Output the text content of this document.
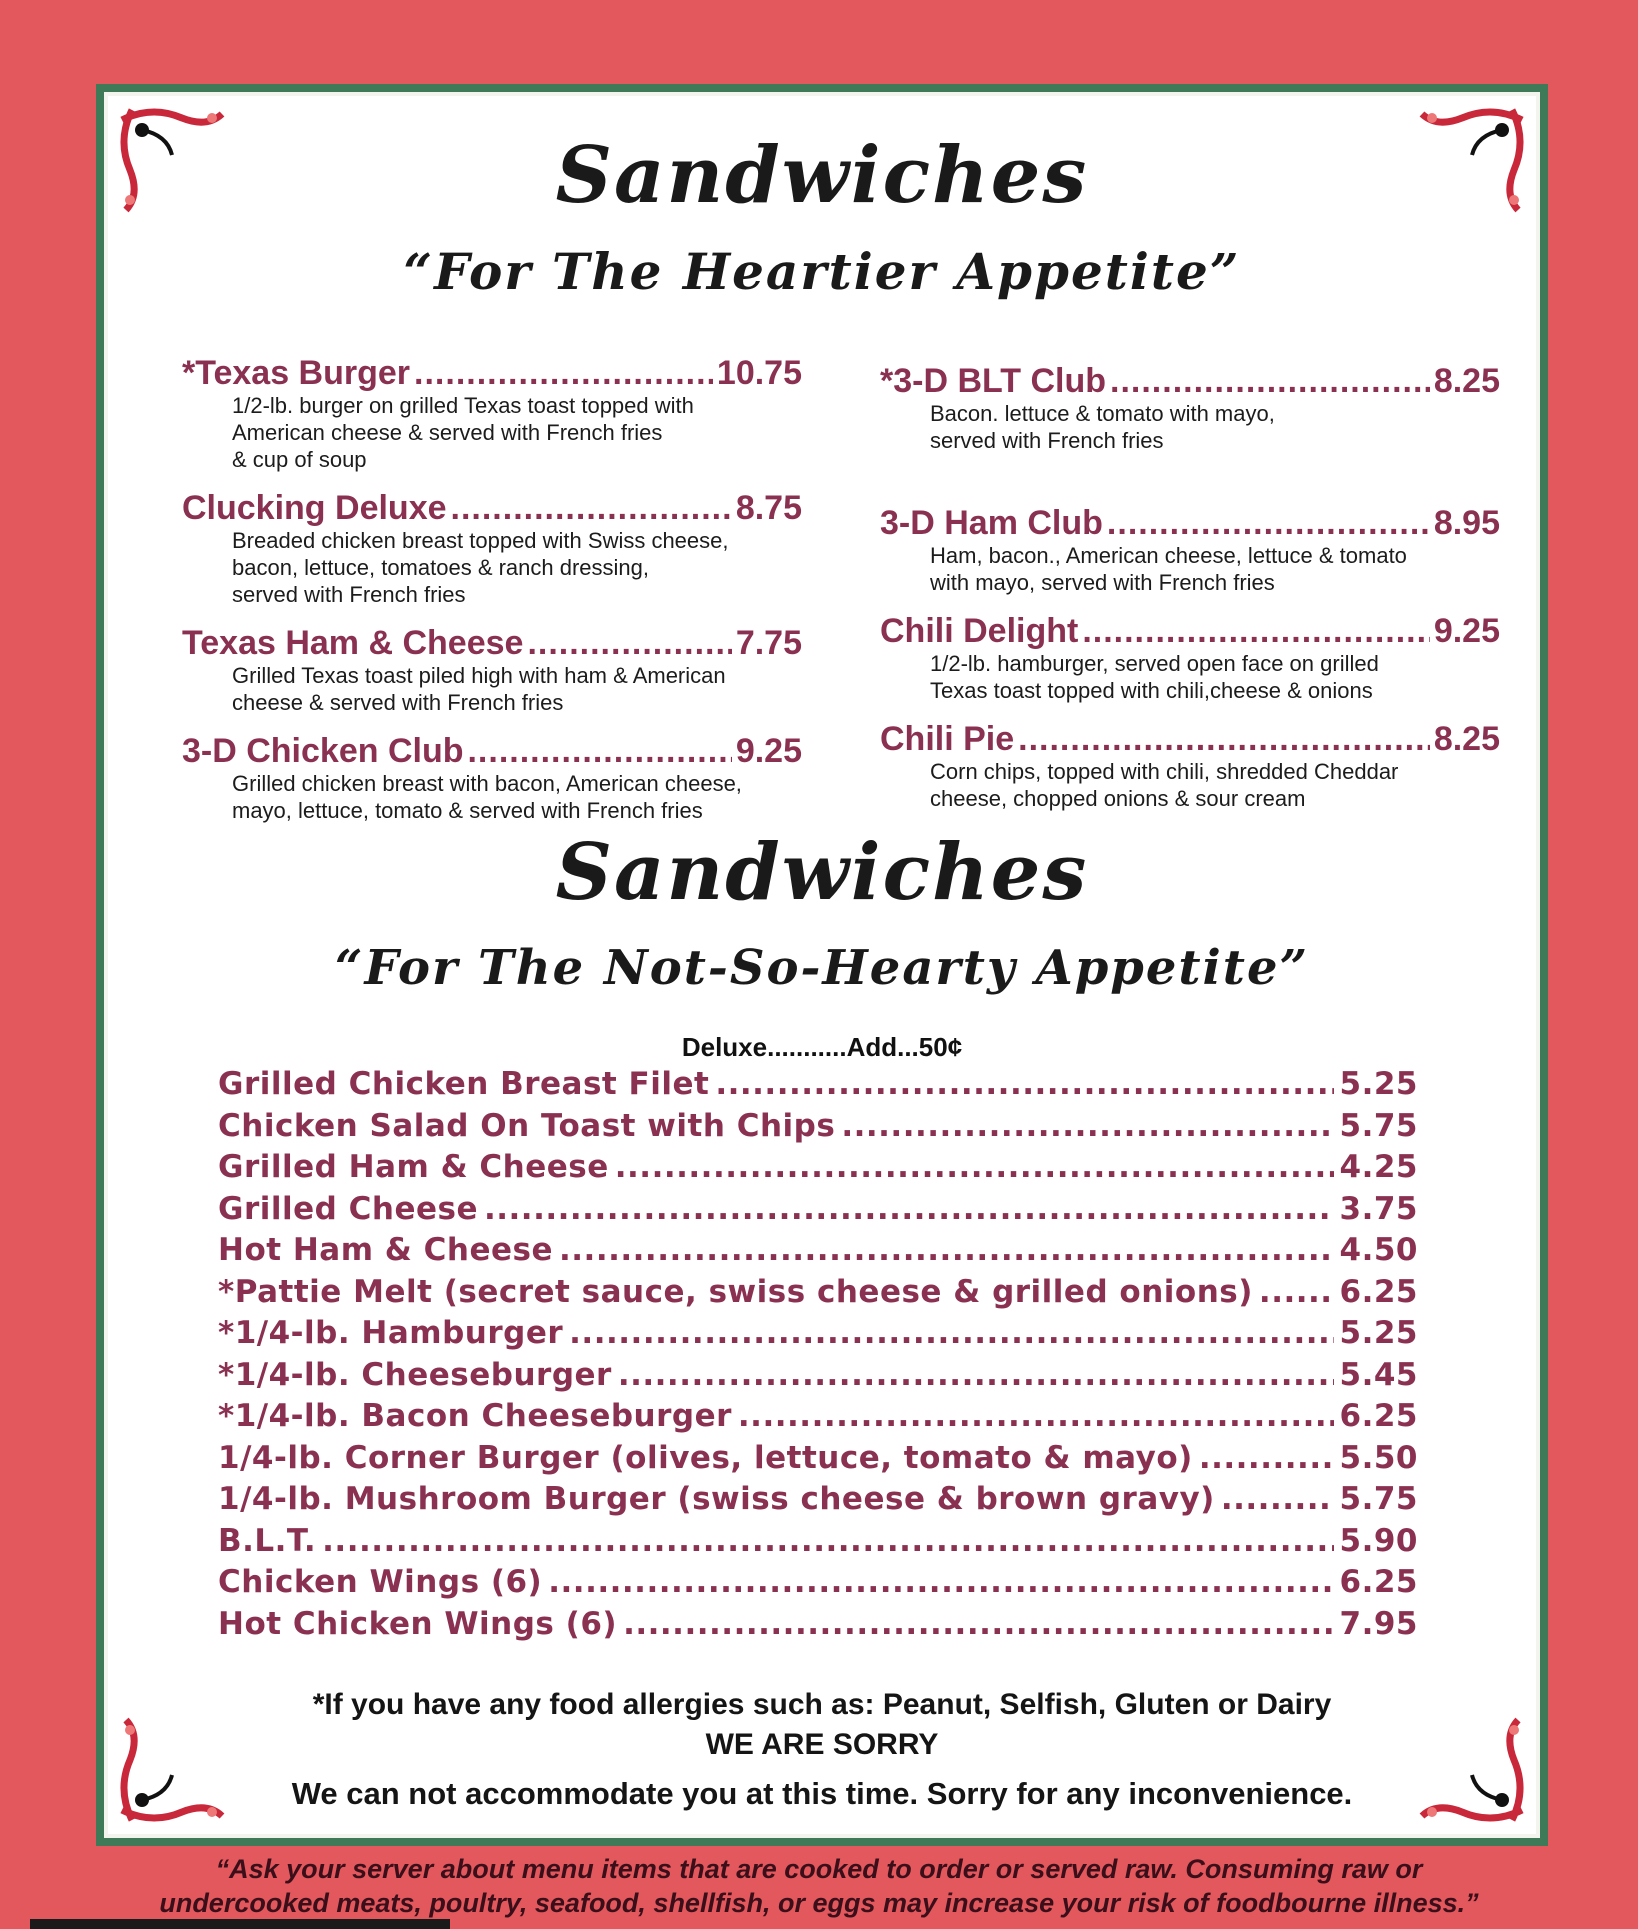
Sandwiches
“For The Heartier Appetite”
*Texas Burger .....	10.75
1/2-lb. burger on grilled Texas toast topped with
American cheese & served with French fries
& cup of soup
Clucking Deluxe .....	8.75
Breaded chicken breast topped with Swiss cheese,
bacon, lettuce, tomatoes & ranch dressing,
served with French fries
Texas Ham & Cheese .....	7.75
Grilled Texas toast piled high with ham & American
cheese & served with French fries
3-D Chicken Club .....	9.25
Grilled chicken breast with bacon, American cheese,
mayo, lettuce, tomato & served with French fries
*3-D BLT Club .....	8.25
Bacon. lettuce & tomato with mayo,
served with French fries
3-D Ham Club .....	8.95
Ham, bacon., American cheese, lettuce & tomato
with mayo, served with French fries
Chili Delight .....	9.25
1/2-lb. hamburger, served open face on grilled
Texas toast topped with chili,cheese & onions
Chili Pie .....	8.25
Corn chips, topped with chili, shredded Cheddar
cheese, chopped onions & sour cream
Sandwiches
“For The Not-So-Hearty Appetite”
Deluxe...........Add...50¢
Grilled Chicken Breast Filet .....	5.25
Chicken Salad On Toast with Chips .....	5.75
Grilled Ham & Cheese .....	4.25
Grilled Cheese .....	3.75
Hot Ham & Cheese .....	4.50
*Pattie Melt (secret sauce, swiss cheese & grilled onions) .....	6.25
*1/4-lb. Hamburger .....	5.25
*1/4-lb. Cheeseburger .....	5.45
*1/4-lb. Bacon Cheeseburger .....	6.25
1/4-lb. Corner Burger (olives, lettuce, tomato & mayo) .....	5.50
1/4-lb. Mushroom Burger (swiss cheese & brown gravy) .....	5.75
B.L.T. .....	5.90
Chicken Wings (6) .....	6.25
Hot Chicken Wings (6) .....	7.95
*If you have any food allergies such as: Peanut, Selfish, Gluten or Dairy
WE ARE SORRY
We can not accommodate you at this time. Sorry for any inconvenience.
“Ask your server about menu items that are cooked to order or served raw. Consuming raw or
undercooked meats, poultry, seafood, shellfish, or eggs may increase your risk of foodbourne illness.”
